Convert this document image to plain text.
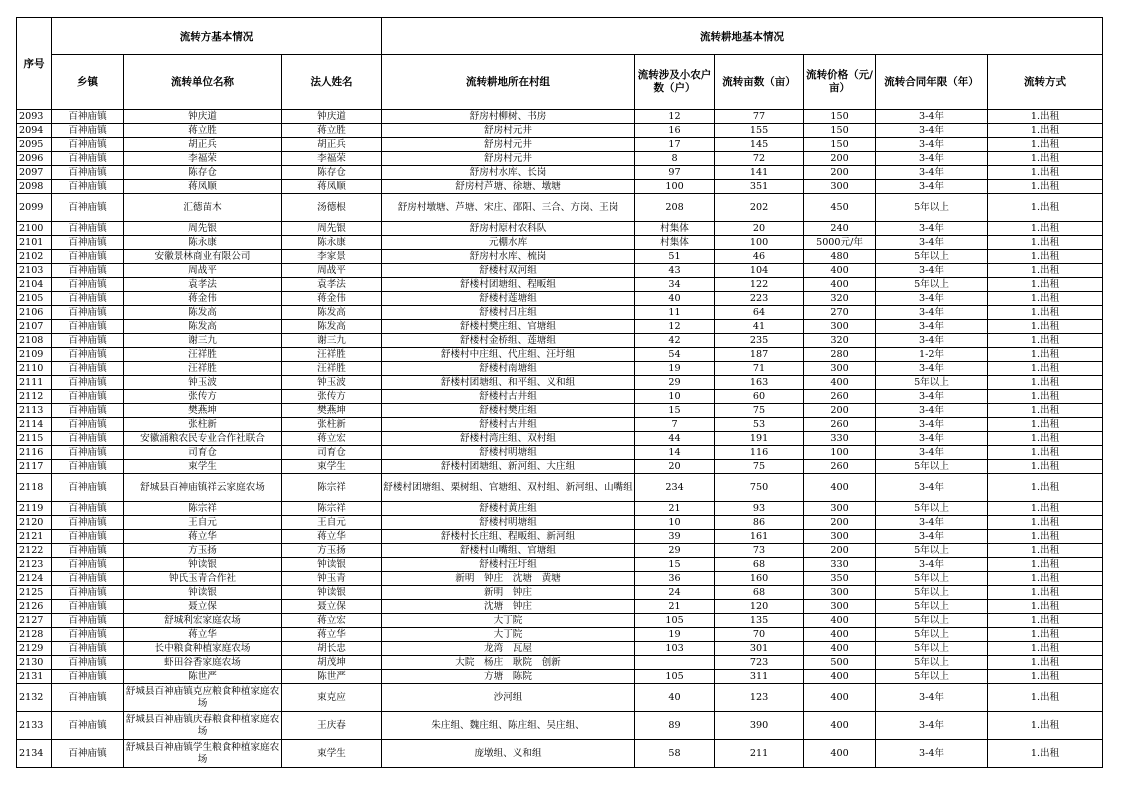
序号	流转方基本情况			流转耕地基本情况					
	乡镇	流转单位名称	法人姓名	流转耕地所在村组	流转涉及小农户数（户）	流转亩数（亩）	流转价格（元/亩）	流转合同年限（年）	流转方式
2093	百神庙镇	钟庆道	钟庆道	舒房村柳树、书房	12	77	150	3-4年	1.出租
2094	百神庙镇	蒋立胜	蒋立胜	舒房村元井	16	155	150	3-4年	1.出租
2095	百神庙镇	胡正兵	胡正兵	舒房村元井	17	145	150	3-4年	1.出租
2096	百神庙镇	李福荣	李福荣	舒房村元井	8	72	200	3-4年	1.出租
2097	百神庙镇	陈存仓	陈存仓	舒房村水库、长岗	97	141	200	3-4年	1.出租
2098	百神庙镇	蒋凤顺	蒋凤顺	舒房村芦塘、徐塘、墩塘	100	351	300	3-4年	1.出租
2099	百神庙镇	汇德苗木	汤德根	舒房村墩塘、芦塘、宋庄、邵阳、三合、方岗、王岗	208	202	450	5年以上	1.出租
2100	百神庙镇	周先银	周先银	舒房村原村农科队	村集体	20	240	3-4年	1.出租
2101	百神庙镇	陈永康	陈永康	元棚水库	村集体	100	5000元/年	3-4年	1.出租
2102	百神庙镇	安徽景林商业有限公司	李家景	舒房村水库、梳岗	51	46	480	5年以上	1.出租
2103	百神庙镇	周战平	周战平	舒楼村双河组	43	104	400	3-4年	1.出租
2104	百神庙镇	袁孝法	袁孝法	舒楼村团塘组、程畈组	34	122	400	5年以上	1.出租
2105	百神庙镇	蒋金伟	蒋金伟	舒楼村莲塘组	40	223	320	3-4年	1.出租
2106	百神庙镇	陈发高	陈发高	舒楼村吕庄组	11	64	270	3-4年	1.出租
2107	百神庙镇	陈发高	陈发高	舒楼村樊庄组、官塘组	12	41	300	3-4年	1.出租
2108	百神庙镇	谢三九	谢三九	舒楼村金桥组、莲塘组	42	235	320	3-4年	1.出租
2109	百神庙镇	汪祥胜	汪祥胜	舒楼村中庄组、代庄组、汪圩组	54	187	280	1-2年	1.出租
2110	百神庙镇	汪祥胜	汪祥胜	舒楼村南塘组	19	71	300	3-4年	1.出租
2111	百神庙镇	钟玉波	钟玉波	舒楼村团塘组、和平组、义和组	29	163	400	5年以上	1.出租
2112	百神庙镇	张传方	张传方	舒楼村古井组	10	60	260	3-4年	1.出租
2113	百神庙镇	樊燕坤	樊燕坤	舒楼村樊庄组	15	75	200	3-4年	1.出租
2114	百神庙镇	张柱新	张柱新	舒楼村古井组	7	53	260	3-4年	1.出租
2115	百神庙镇	安徽涌粮农民专业合作社联合	蒋立宏	舒楼村湾庄组、双村组	44	191	330	3-4年	1.出租
2116	百神庙镇	司育仓	司育仓	舒楼村明塘组	14	116	100	3-4年	1.出租
2117	百神庙镇	束学生	束学生	舒楼村团塘组、新河组、大庄组	20	75	260	5年以上	1.出租
2118	百神庙镇	舒城县百神庙镇祥云家庭农场	陈宗祥	舒楼村团塘组、栗树组、官塘组、双村组、新河组、山嘴组	234	750	400	3-4年	1.出租
2119	百神庙镇	陈宗祥	陈宗祥	舒楼村黄庄组	21	93	300	5年以上	1.出租
2120	百神庙镇	王自元	王自元	舒楼村明塘组	10	86	200	3-4年	1.出租
2121	百神庙镇	蒋立华	蒋立华	舒楼村长庄组、程畈组、新河组	39	161	300	3-4年	1.出租
2122	百神庙镇	方玉扬	方玉扬	舒楼村山嘴组、官塘组	29	73	200	5年以上	1.出租
2123	百神庙镇	钟读银	钟读银	舒楼村汪圩组	15	68	330	3-4年	1.出租
2124	百神庙镇	钟氏玉青合作社	钟玉青	新明　钟庄　沈塘　黄塘	36	160	350	5年以上	1.出租
2125	百神庙镇	钟读银	钟读银	新明　钟庄	24	68	300	5年以上	1.出租
2126	百神庙镇	聂立保	聂立保	沈塘　钟庄	21	120	300	5年以上	1.出租
2127	百神庙镇	舒城利宏家庭农场	蒋立宏	大丁院	105	135	400	5年以上	1.出租
2128	百神庙镇	蒋立华	蒋立华	大丁院	19	70	400	5年以上	1.出租
2129	百神庙镇	长中粮食种植家庭农场	胡长忠	龙湾　瓦屋	103	301	400	5年以上	1.出租
2130	百神庙镇	虾田谷香家庭农场	胡茂坤	大院　杨庄　耿院　创新		723	500	5年以上	1.出租
2131	百神庙镇	陈世严	陈世严	方塘　陈院	105	311	400	5年以上	1.出租
2132	百神庙镇	舒城县百神庙镇克应粮食种植家庭农场	束克应	沙河组	40	123	400	3-4年	1.出租
2133	百神庙镇	舒城县百神庙镇庆春粮食种植家庭农场	王庆春	朱庄组、魏庄组、陈庄组、吴庄组、	89	390	400	3-4年	1.出租
2134	百神庙镇	舒城县百神庙镇学生粮食种植家庭农场	束学生	庞墩组、义和组	58	211	400	3-4年	1.出租
